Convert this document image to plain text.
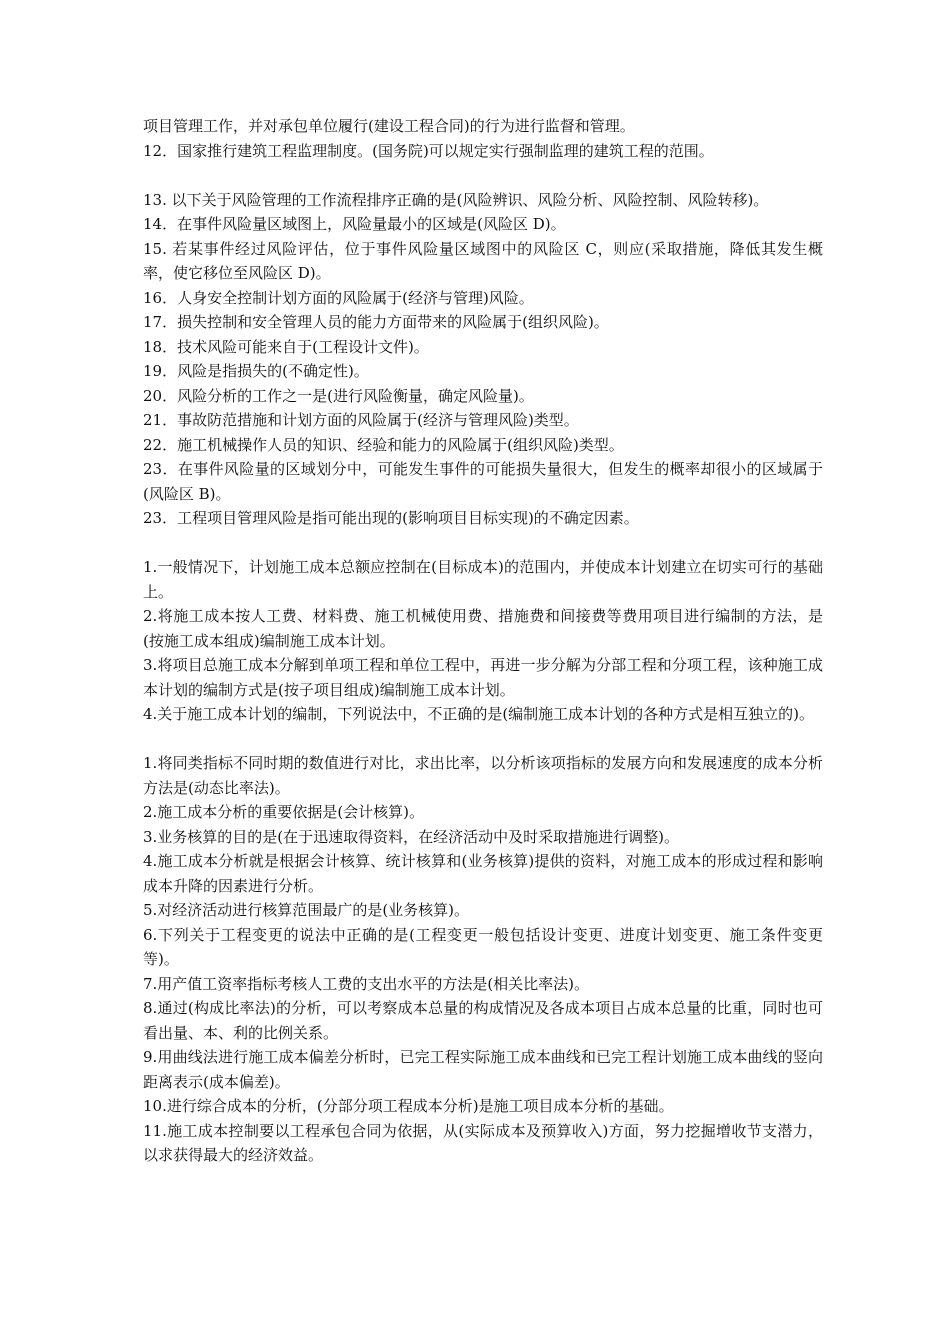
项目管理工作，并对承包单位履行(建设工程合同)的行为进行监督和管理。

12．国家推行建筑工程监理制度。(国务院)可以规定实行强制监理的建筑工程的范围。

13. 以下关于风险管理的工作流程排序正确的是(风险辨识、风险分析、风险控制、风险转移)。

14．在事件风险量区域图上，风险量最小的区域是(风险区 D)。

15. 若某事件经过风险评估，位于事件风险量区域图中的风险区 C，则应(采取措施，降低其发生概率，使它移位至风险区 D)。

16．人身安全控制计划方面的风险属于(经济与管理)风险。

17．损失控制和安全管理人员的能力方面带来的风险属于(组织风险)。

18．技术风险可能来自于(工程设计文件)。

19．风险是指损失的(不确定性)。

20．风险分析的工作之一是(进行风险衡量，确定风险量)。

21．事故防范措施和计划方面的风险属于(经济与管理风险)类型。

22．施工机械操作人员的知识、经验和能力的风险属于(组织风险)类型。

23．在事件风险量的区域划分中，可能发生事件的可能损失量很大，但发生的概率却很小的区域属于(风险区 B)。

23．工程项目管理风险是指可能出现的(影响项目目标实现)的不确定因素。

1.一般情况下，计划施工成本总额应控制在(目标成本)的范围内，并使成本计划建立在切实可行的基础上。

2.将施工成本按人工费、材料费、施工机械使用费、措施费和间接费等费用项目进行编制的方法，是(按施工成本组成)编制施工成本计划。

3.将项目总施工成本分解到单项工程和单位工程中，再进一步分解为分部工程和分项工程，该种施工成本计划的编制方式是(按子项目组成)编制施工成本计划。

4.关于施工成本计划的编制，下列说法中，不正确的是(编制施工成本计划的各种方式是相互独立的)。

1.将同类指标不同时期的数值进行对比，求出比率，以分析该项指标的发展方向和发展速度的成本分析方法是(动态比率法)。

2.施工成本分析的重要依据是(会计核算)。

3.业务核算的目的是(在于迅速取得资料，在经济活动中及时采取措施进行调整)。

4.施工成本分析就是根据会计核算、统计核算和(业务核算)提供的资料，对施工成本的形成过程和影响成本升降的因素进行分析。

5.对经济活动进行核算范围最广的是(业务核算)。

6.下列关于工程变更的说法中正确的是(工程变更一般包括设计变更、进度计划变更、施工条件变更等)。

7.用产值工资率指标考核人工费的支出水平的方法是(相关比率法)。

8.通过(构成比率法)的分析，可以考察成本总量的构成情况及各成本项目占成本总量的比重，同时也可看出量、本、利的比例关系。

9.用曲线法进行施工成本偏差分析时，已完工程实际施工成本曲线和已完工程计划施工成本曲线的竖向距离表示(成本偏差)。

10.进行综合成本的分析，(分部分项工程成本分析)是施工项目成本分析的基础。

11.施工成本控制要以工程承包合同为依据，从(实际成本及预算收入)方面，努力挖掘增收节支潜力，以求获得最大的经济效益。
